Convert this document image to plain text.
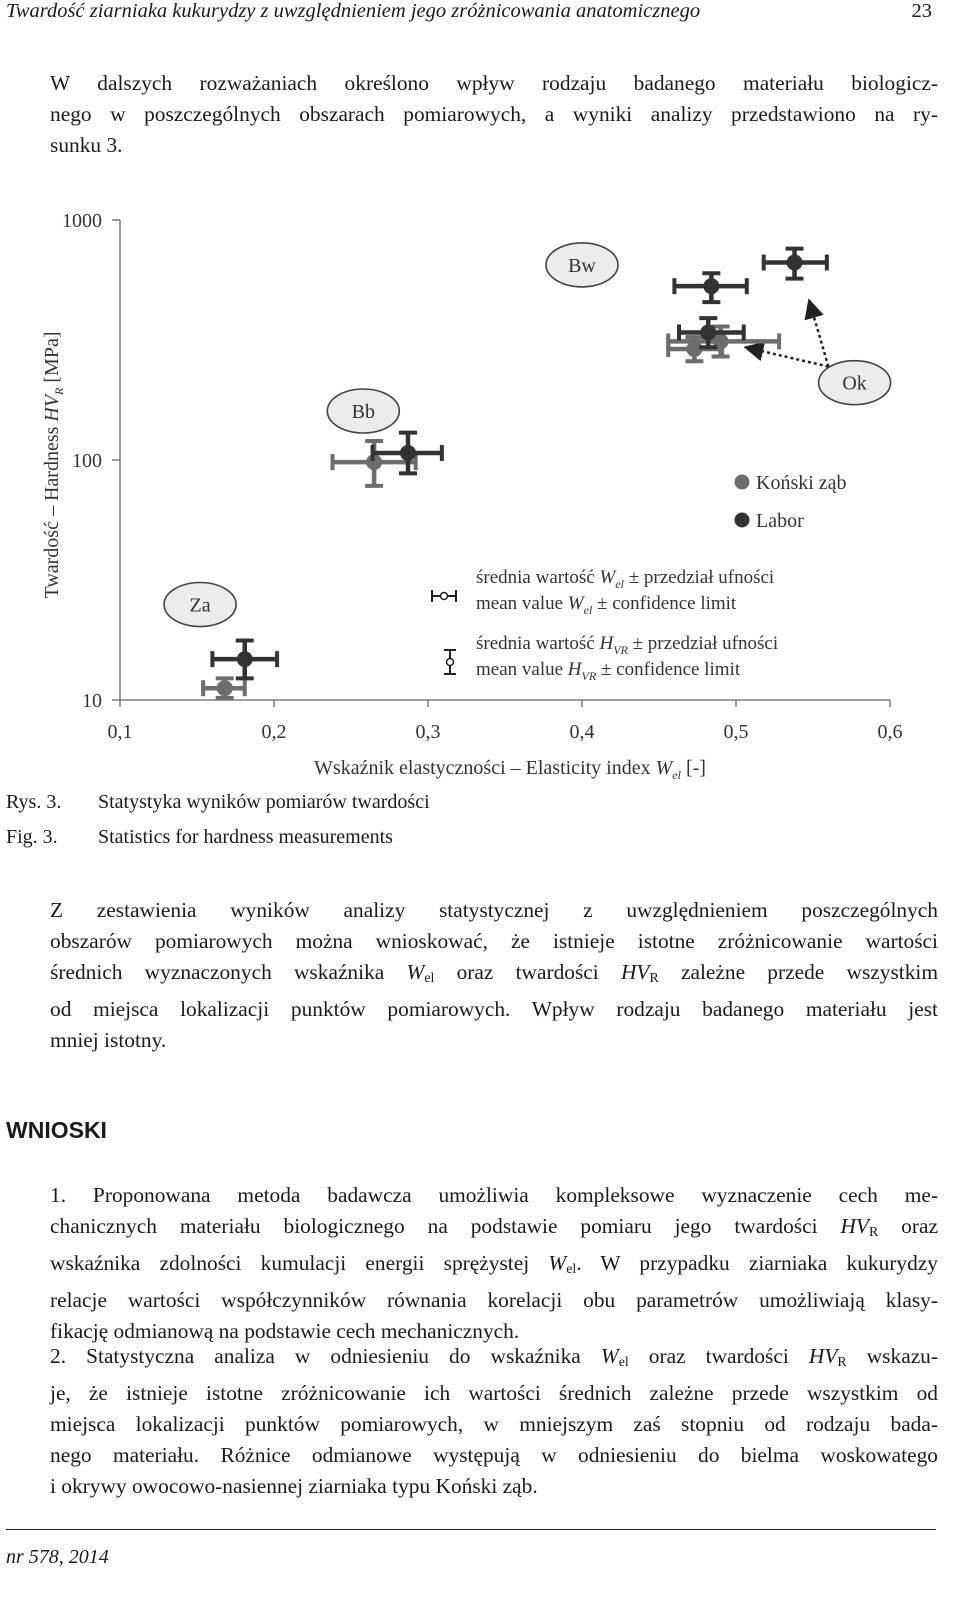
Twardość ziarniaka kukurydzy z uwzględnieniem jego zróżnicowania anatomicznego	23
W dalszych rozważaniach określono wpływ rodzaju badanego materiału biologicz-
nego w poszczególnych obszarach pomiarowych, a wyniki analizy przedstawiono na ry-
sunku 3.
1000
100
10
0,1	0,2	0,3	0,4	0,5	0,6
Twardość – Hardness $HV_R$ [MPa]
Wskaźnik elastyczności – Elasticity index $W_{el}$ [-]
Za
Bb
Bw
Ok
Koński ząb
Labor
średnia wartość $W_{el}$ ± przedział ufności
mean value $W_{el}$ ± confidence limit
średnia wartość $H_{VR}$ ± przedział ufności
mean value $H_{VR}$ ± confidence limit
Rys. 3. Statystyka wyników pomiarów twardości
Fig. 3. Statistics for hardness measurements
Z zestawienia wyników analizy statystycznej z uwzględnieniem poszczególnych
obszarów pomiarowych można wnioskować, że istnieje istotne zróżnicowanie wartości
średnich wyznaczonych wskaźnika $W_{el}$ oraz twardości $HV_R$ zależne przede wszystkim
od miejsca lokalizacji punktów pomiarowych. Wpływ rodzaju badanego materiału jest
mniej istotny.
WNIOSKI
1. Proponowana metoda badawcza umożliwia kompleksowe wyznaczenie cech me-
chanicznych materiału biologicznego na podstawie pomiaru jego twardości $HV_R$ oraz
wskaźnika zdolności kumulacji energii sprężystej $W_{el}$. W przypadku ziarniaka kukurydzy
relacje wartości współczynników równania korelacji obu parametrów umożliwiają klasy-
fikację odmianową na podstawie cech mechanicznych.
2. Statystyczna analiza w odniesieniu do wskaźnika $W_{el}$ oraz twardości $HV_R$ wskazu-
je, że istnieje istotne zróżnicowanie ich wartości średnich zależne przede wszystkim od
miejsca lokalizacji punktów pomiarowych, w mniejszym zaś stopniu od rodzaju bada-
nego materiału. Różnice odmianowe występują w odniesieniu do bielma woskowatego
i okrywy owocowo-nasiennej ziarniaka typu Koński ząb.
nr 578, 2014
